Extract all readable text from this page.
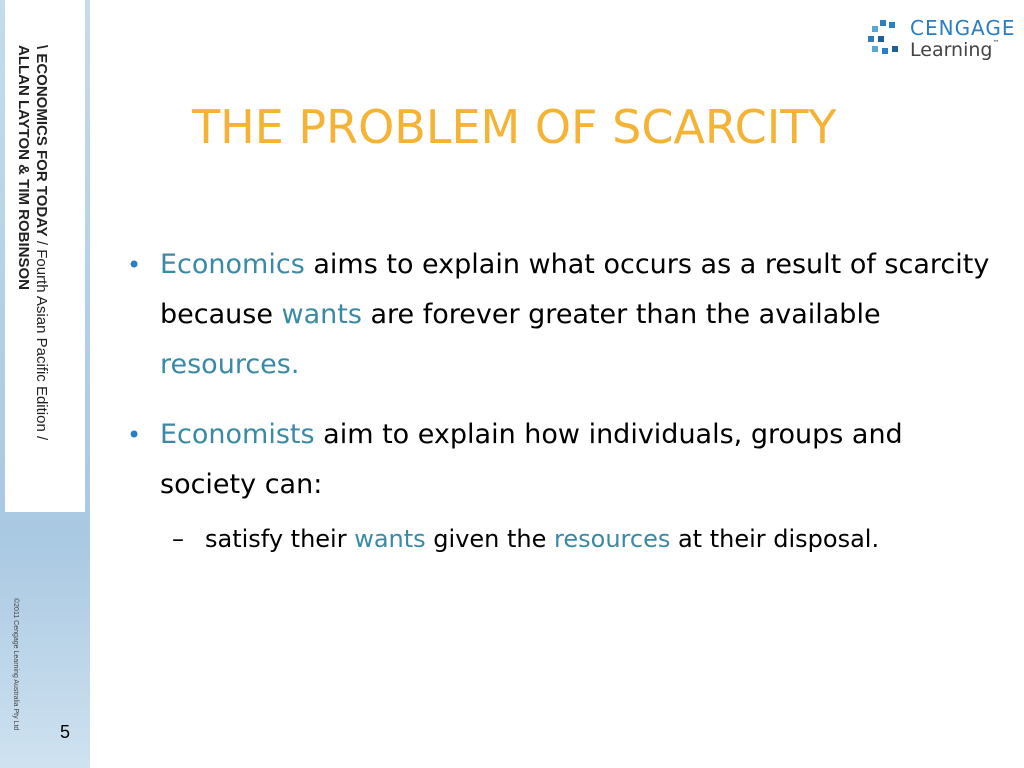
\ ECONOMICS FOR TODAY / Fourth Asian Pacific Edition /
ALLAN LAYTON & TIM ROBINSON
©2011 Cengage Learning Australia Pty Ltd
5
CENGAGE
Learning™
THE PROBLEM OF SCARCITY
• Economics aims to explain what occurs as a result of scarcity because wants are forever greater than the available resources.
• Economists aim to explain how individuals, groups and society can:
– satisfy their wants given the resources at their disposal.
